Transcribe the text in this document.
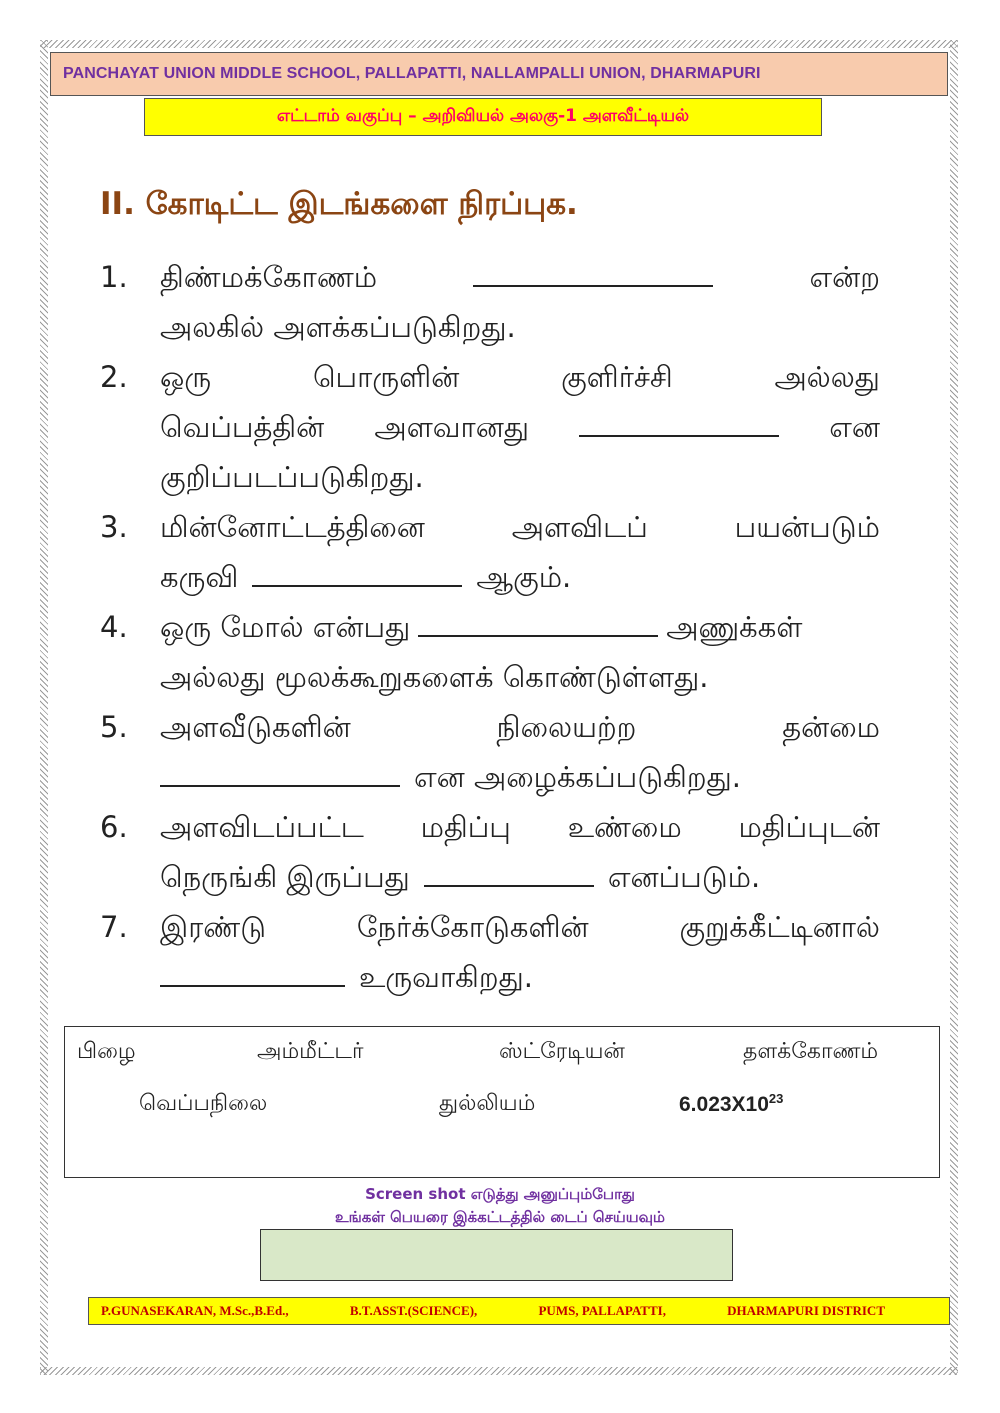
PANCHAYAT UNION MIDDLE SCHOOL, PALLAPATTI, NALLAMPALLI UNION, DHARMAPURI
எட்டாம் வகுப்பு – அறிவியல் அலகு-1 அளவீட்டியல்
II. கோடிட்ட இடங்களை நிரப்புக.
1. திண்மக்கோணம்	என்ற
அலகில் அளக்கப்படுகிறது.
2. ஒரு	பொருளின்	குளிர்ச்சி	அல்லது
வெப்பத்தின் அளவானது	என
குறிப்படப்படுகிறது.
3. மின்னோட்டத்தினை	அளவிடப்	பயன்படும்
கருவி	ஆகும்.
4. ஒரு மோல் என்பது	அணுக்கள்
அல்லது மூலக்கூறுகளைக் கொண்டுள்ளது.
5. அளவீடுகளின்	நிலையற்ற	தன்மை
என அழைக்கப்படுகிறது.
6. அளவிடப்பட்ட மதிப்பு உண்மை மதிப்புடன்
நெருங்கி இருப்பது	எனப்படும்.
7. இரண்டு	நேர்க்கோடுகளின்	குறுக்கீட்டினால்
உருவாகிறது.
பிழை	அம்மீட்டர்	ஸ்ட்ரேடியன்	தளக்கோணம்
வெப்பநிலை	துல்லியம்	$6.023X10^{23}$
Screen shot எடுத்து அனுப்பும்போது
உங்கள் பெயரை இக்கட்டத்தில் டைப் செய்யவும்
P.GUNASEKARAN, M.Sc.,B.Ed.,	B.T.ASST.(SCIENCE),	PUMS, PALLAPATTI,	DHARMAPURI DISTRICT
